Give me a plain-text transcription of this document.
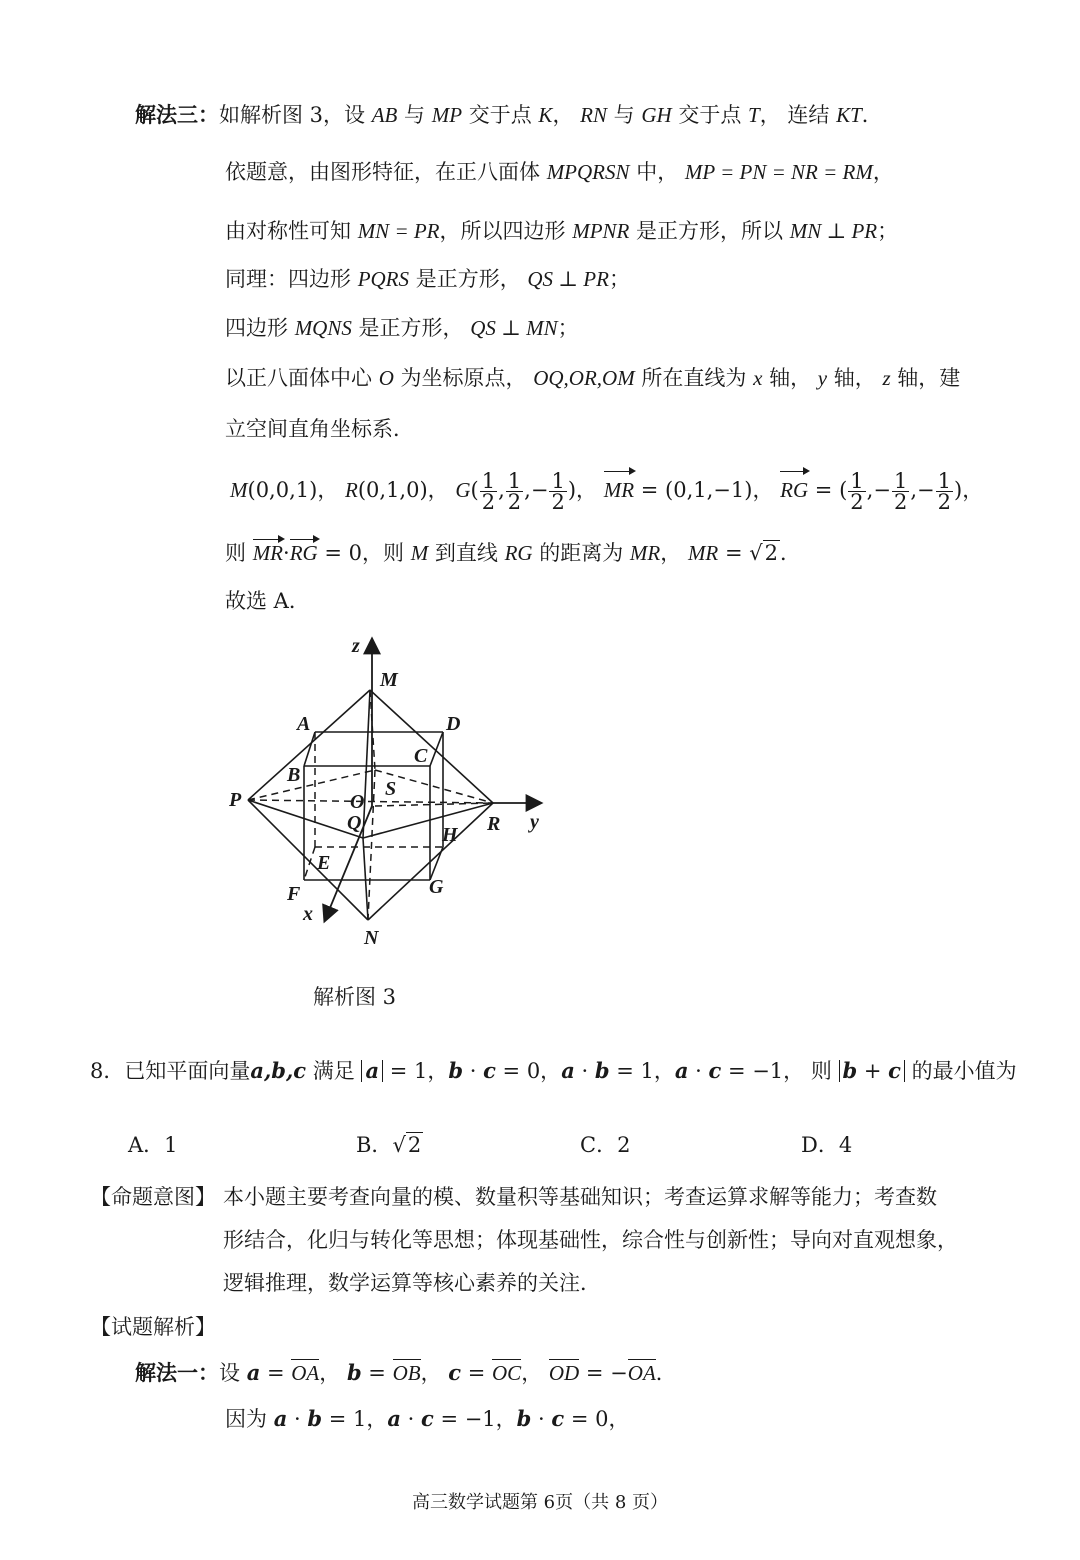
解法三：如解析图 3，设 AB 与 MP 交于点 K， RN 与 GH 交于点 T， 连结 KT．
依题意，由图形特征，在正八面体 MPQRSN 中， MP = PN = NR = RM，
由对称性可知 MN = PR，所以四边形 MPNR 是正方形，所以 MN ⊥ PR；
同理：四边形 PQRS 是正方形， QS ⊥ PR；
四边形 MQNS 是正方形， QS ⊥ MN；
以正八面体中心 O 为坐标原点， OQ,OR,OM 所在直线为 x 轴， y 轴， z 轴，建
立空间直角坐标系．
M(0,0,1)， R(0,1,0)， $G( \frac{1}{2}$ , $\frac{1}{2}$ ,− $\frac{1}{2}$ )， MR = (0,1,−1)， RG = ( $\frac{1}{2}$ ,− $\frac{1}{2}$ ,− $\frac{1}{2}$ )，
则 MR·RG = 0，则 M 到直线 RG 的距离为 MR， MR = √2．
故选 A．
z
M
A	D
C
B
S
P	O
Q	R y
H
E
F	G
x
N
解析图 3
8．已知平面向量a,b,c 满足 a = 1，b · c = 0，a · b = 1，a · c = −1， 则 b + c 的最小值为
A．1	B．√2	C．2	D．4
【命题意图】 本小题主要考查向量的模、数量积等基础知识；考查运算求解等能力；考查数
形结合，化归与转化等思想；体现基础性，综合性与创新性；导向对直观想象，
逻辑推理，数学运算等核心素养的关注．
【试题解析】
解法一：设 a = OA， b = OB， c = OC， OD = −OA．
因为 a · b = 1，a · c = −1，b · c = 0，
高三数学试题第 6页（共 8 页）
